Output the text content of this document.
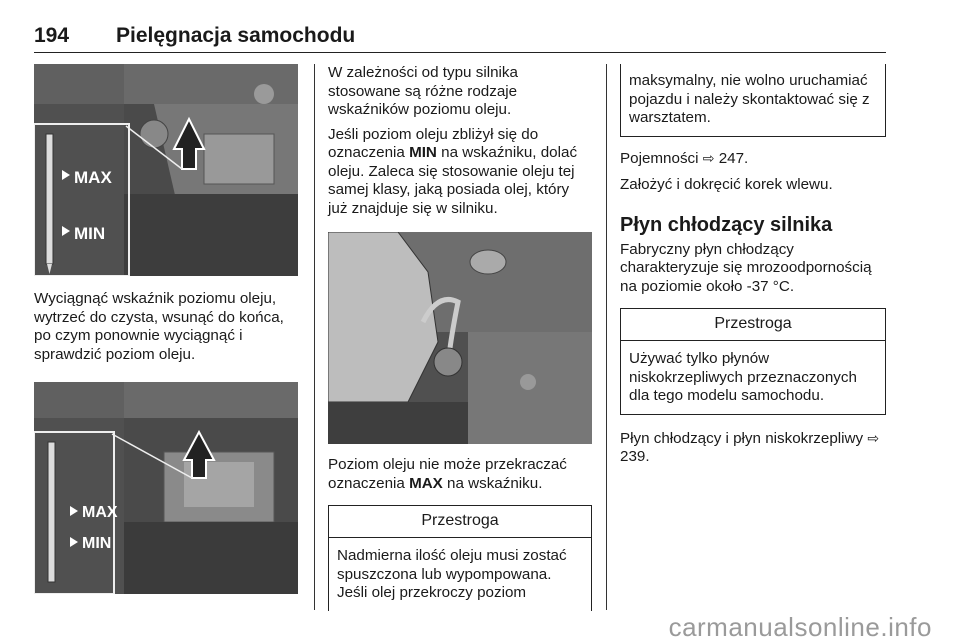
194 Pielęgnacja samochodu
MAX
MIN

Wyciągnąć wskaźnik poziomu oleju, wytrzeć do czysta, wsunąć do końca, po czym ponownie wyciągnąć i sprawdzić poziom oleju.

MAX
MIN

W zależności od typu silnika stosowane są różne rodzaje wskaźników poziomu oleju.

Jeśli poziom oleju zbliżył się do oznaczenia MIN na wskaźniku, dolać oleju. Zaleca się stosowanie oleju tej samej klasy, jaką posiada olej, który już znajduje się w silniku.

Poziom oleju nie może przekraczać oznaczenia MAX na wskaźniku.

Przestroga
Nadmierna ilość oleju musi zostać spuszczona lub wypompowana. Jeśli olej przekroczy poziom
maksymalny, nie wolno uruchamiać pojazdu i należy skontaktować się z warsztatem.

Pojemności ⇨ 247.

Założyć i dokręcić korek wlewu.

Płyn chłodzący silnika

Fabryczny płyn chłodzący charakteryzuje się mrozoodpornością na poziomie około -37 °C.

Przestroga
Używać tylko płynów niskokrzepliwych przeznaczonych dla tego modelu samochodu.

Płyn chłodzący i płyn niskokrzepliwy ⇨ 239.

carmanualsonline.info
